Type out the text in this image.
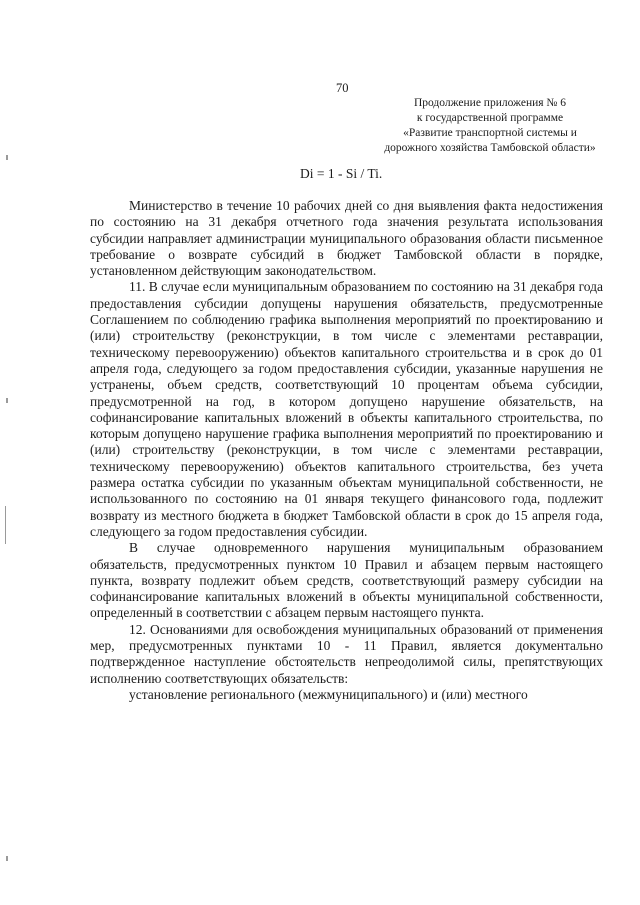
70
Продолжение приложения № 6
к государственной программе
«Развитие транспортной системы и
дорожного хозяйства Тамбовской области»
Di = 1 - Si / Ti.

Министерство в течение 10 рабочих дней со дня выявления факта недостижения по состоянию на 31 декабря отчетного года значения результата использования субсидии направляет администрации муниципального образования области письменное требование о возврате субсидий в бюджет Тамбовской области в порядке, установленном действующим законодательством.

11. В случае если муниципальным образованием по состоянию на 31 декабря года предоставления субсидии допущены нарушения обязательств, предусмотренные Соглашением по соблюдению графика выполнения мероприятий по проектированию и (или) строительству (реконструкции, в том числе с элементами реставрации, техническому перевооружению) объектов капитального строительства и в срок до 01 апреля года, следующего за годом предоставления субсидии, указанные нарушения не устранены, объем средств, соответствующий 10 процентам объема субсидии, предусмотренной на год, в котором допущено нарушение обязательств, на софинансирование капитальных вложений в объекты капитального строительства, по которым допущено нарушение графика выполнения мероприятий по проектированию и (или) строительству (реконструкции, в том числе с элементами реставрации, техническому перевооружению) объектов капитального строительства, без учета размера остатка субсидии по указанным объектам муниципальной собственности, не использованного по состоянию на 01 января текущего финансового года, подлежит возврату из местного бюджета в бюджет Тамбовской области в срок до 15 апреля года, следующего за годом предоставления субсидии.

В случае одновременного нарушения муниципальным образованием обязательств, предусмотренных пунктом 10 Правил и абзацем первым настоящего пункта, возврату подлежит объем средств, соответствующий размеру субсидии на софинансирование капитальных вложений в объекты муниципальной собственности, определенный в соответствии с абзацем первым настоящего пункта.

12. Основаниями для освобождения муниципальных образований от применения мер, предусмотренных пунктами 10 - 11 Правил, является документально подтвержденное наступление обстоятельств непреодолимой силы, препятствующих исполнению соответствующих обязательств:

установление регионального (межмуниципального) и (или) местного
